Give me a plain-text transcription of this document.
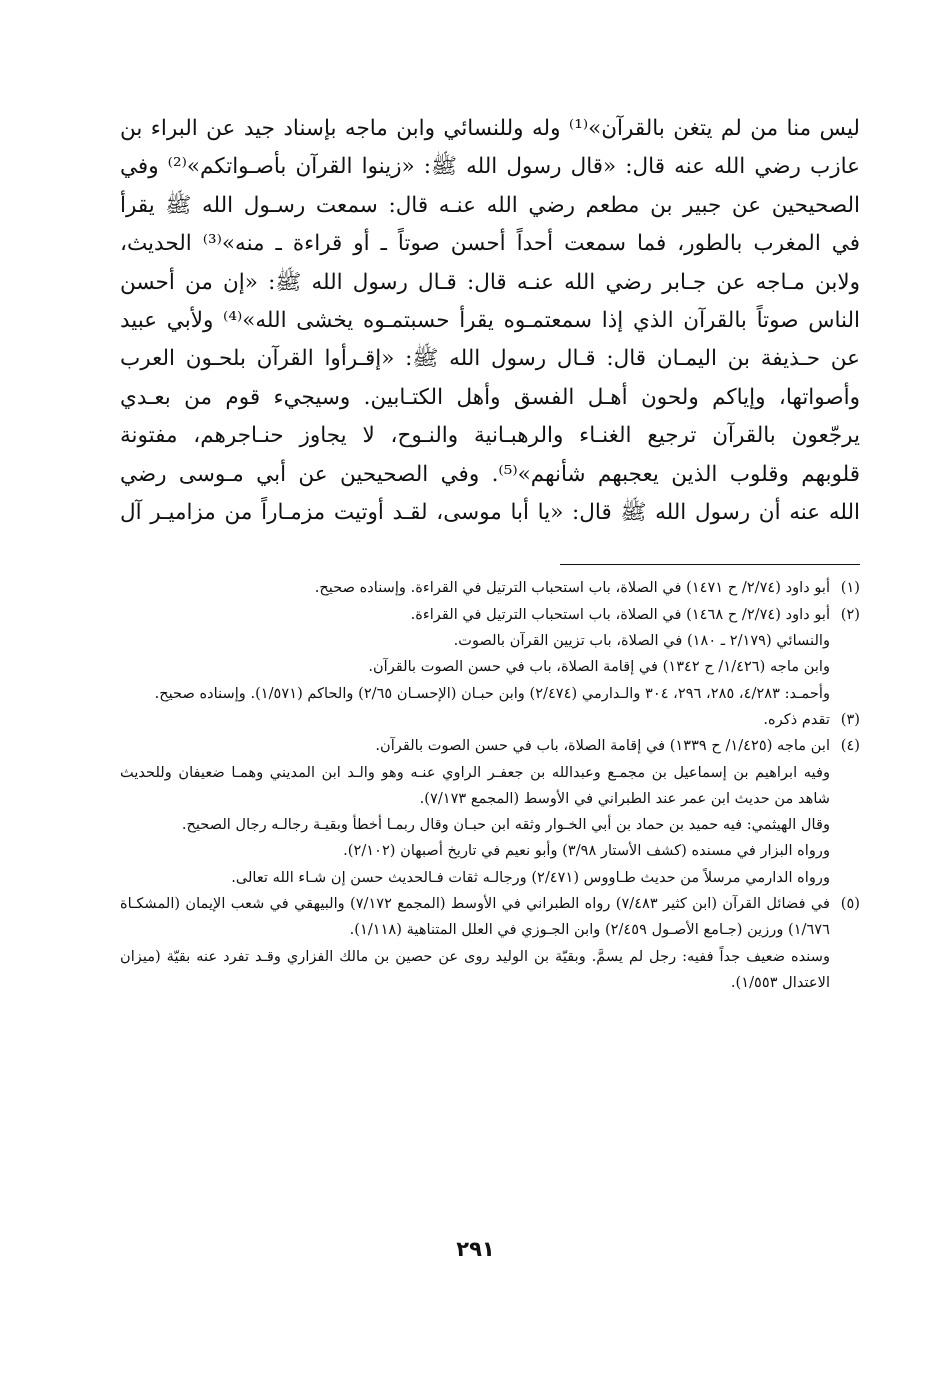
ليس منا من لم يتغن بالقرآن»⁽¹⁾ وله وللنسائي وابن ماجه بإسناد جيد عن البراء بن

عازب رضي الله عنه قال: «قال رسول الله ﷺ: «زينوا القرآن بأصـواتكم»⁽²⁾ وفي

الصحيحين عن جبير بن مطعم رضي الله عنـه قال: سمعت رسـول الله ﷺ يقرأ

في المغرب بالطور، فما سمعت أحداً أحسن صوتاً ـ أو قراءة ـ منه»⁽³⁾ الحديث،

ولابن مـاجه عن جـابر رضي الله عنـه قال: قـال رسول الله ﷺ: «إن من أحسن

الناس صوتاً بالقرآن الذي إذا سمعتمـوه يقرأ حسبتمـوه يخشى الله»⁽⁴⁾ ولأبي عبيد

عن حـذيفة بن اليمـان قال: قـال رسول الله ﷺ: «إقـرأوا القرآن بلحـون العرب

وأصواتها، وإياكم ولحون أهـل الفسق وأهل الكتـابين. وسيجيء قوم من بعـدي

يرجّعون بالقرآن ترجيع الغنـاء والرهبـانية والنـوح، لا يجاوز حنـاجرهم، مفتونة

قلوبهم وقلوب الذين يعجبهم شأنهم»⁽⁵⁾. وفي الصحيحين عن أبي مـوسى رضي

الله عنه أن رسول الله ﷺ قال: «يا أبا موسى، لقـد أوتيت مزمـاراً من مزاميـر آل

(١)

أبو داود (٢/٧٤/ ح ١٤٧١) في الصلاة، باب استحباب الترتيل في القراءة. وإسناده صحيح.

(٢)

أبو داود (٢/٧٤/ ح ١٤٦٨) في الصلاة، باب استحباب الترتيل في القراءة.

والنسائي (٢/١٧٩ ـ ١٨٠) في الصلاة، باب تزيين القرآن بالصوت.

وابن ماجه (١/٤٢٦/ ح ١٣٤٢) في إقامة الصلاة، باب في حسن الصوت بالقرآن.

وأحمـد: ٤/٢٨٣، ٢٨٥، ٢٩٦، ٣٠٤ والـدارمي (٢/٤٧٤) وابن حبـان (الإحسـان ٢/٦٥) والحاكم (١/٥٧١). وإسناده صحيح.

(٣)

تقدم ذكره.

(٤)

ابن ماجه (١/٤٢٥/ ح ١٣٣٩) في إقامة الصلاة، باب في حسن الصوت بالقرآن.

وفيه ابراهيم بن إسماعيل بن مجمـع وعبدالله بن جعفـر الراوي عنـه وهو والـد ابن المديني وهمـا ضعيفان وللحديث شاهد من حديث ابن عمر عند الطبراني في الأوسط (المجمع ٧/١٧٣).

وقال الهيثمي: فيه حميد بن حماد بن أبي الخـوار وثقه ابن حبـان وقال ربمـا أخطأ وبقيـة رجالـه رجال الصحيح.

ورواه البزار في مسنده (كشف الأستار ٣/٩٨) وأبو نعيم في تاريخ أصبهان (٢/١٠٢).

ورواه الدارمي مرسلاً من حديث طـاووس (٢/٤٧١) ورجالـه ثقات فـالحديث حسن إن شـاء الله تعالى.

(٥)

في فضائل القرآن (ابن كثير ٧/٤٨٣) رواه الطبراني في الأوسط (المجمع ٧/١٧٢) والبيهقي في شعب الإيمان (المشكـاة ١/٦٧٦) ورزين (جـامع الأصـول ٢/٤٥٩) وابن الجـوزي في العلل المتناهية (١/١١٨).

وسنده ضعيف جداً ففيه: رجل لم يسمَّ. وبقيّة بن الوليد روى عن حصين بن مالك الفزاري وقـد تفرد عنه بقيّة (ميزان الاعتدال ١/٥٥٣).

٢٩١
